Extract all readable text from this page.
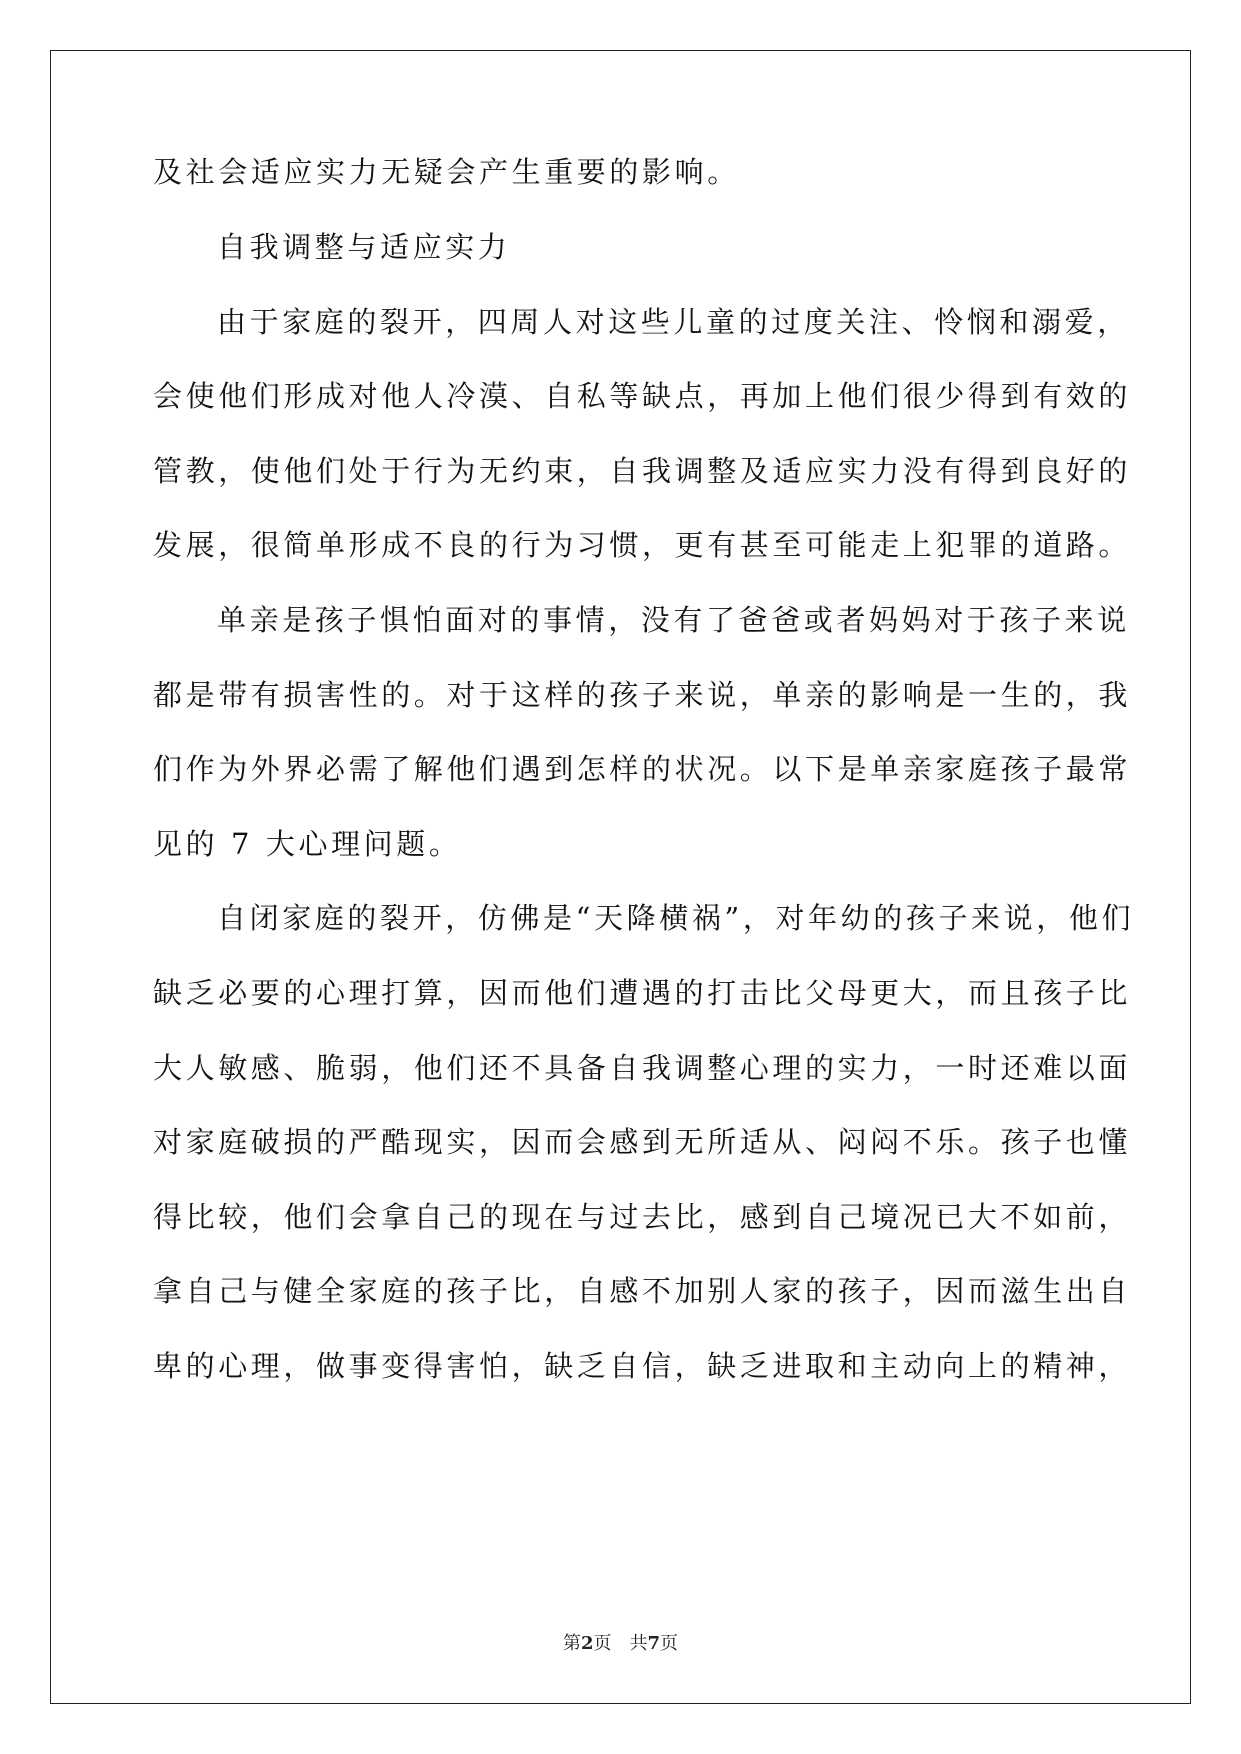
及社会适应实力无疑会产生重要的影响。
自我调整与适应实力
由于家庭的裂开，四周人对这些儿童的过度关注、怜悯和溺爱，
会使他们形成对他人冷漠、自私等缺点，再加上他们很少得到有效的
管教，使他们处于行为无约束，自我调整及适应实力没有得到良好的
发展，很简单形成不良的行为习惯，更有甚至可能走上犯罪的道路。
单亲是孩子惧怕面对的事情，没有了爸爸或者妈妈对于孩子来说
都是带有损害性的。对于这样的孩子来说，单亲的影响是一生的，我
们作为外界必需了解他们遇到怎样的状况。以下是单亲家庭孩子最常
见的 7 大心理问题。
自闭家庭的裂开，仿佛是“天降横祸”，对年幼的孩子来说，他们
缺乏必要的心理打算，因而他们遭遇的打击比父母更大，而且孩子比
大人敏感、脆弱，他们还不具备自我调整心理的实力，一时还难以面
对家庭破损的严酷现实，因而会感到无所适从、闷闷不乐。孩子也懂
得比较，他们会拿自己的现在与过去比，感到自己境况已大不如前，
拿自己与健全家庭的孩子比，自感不加别人家的孩子，因而滋生出自
卑的心理，做事变得害怕，缺乏自信，缺乏进取和主动向上的精神，
第2页 共7页
